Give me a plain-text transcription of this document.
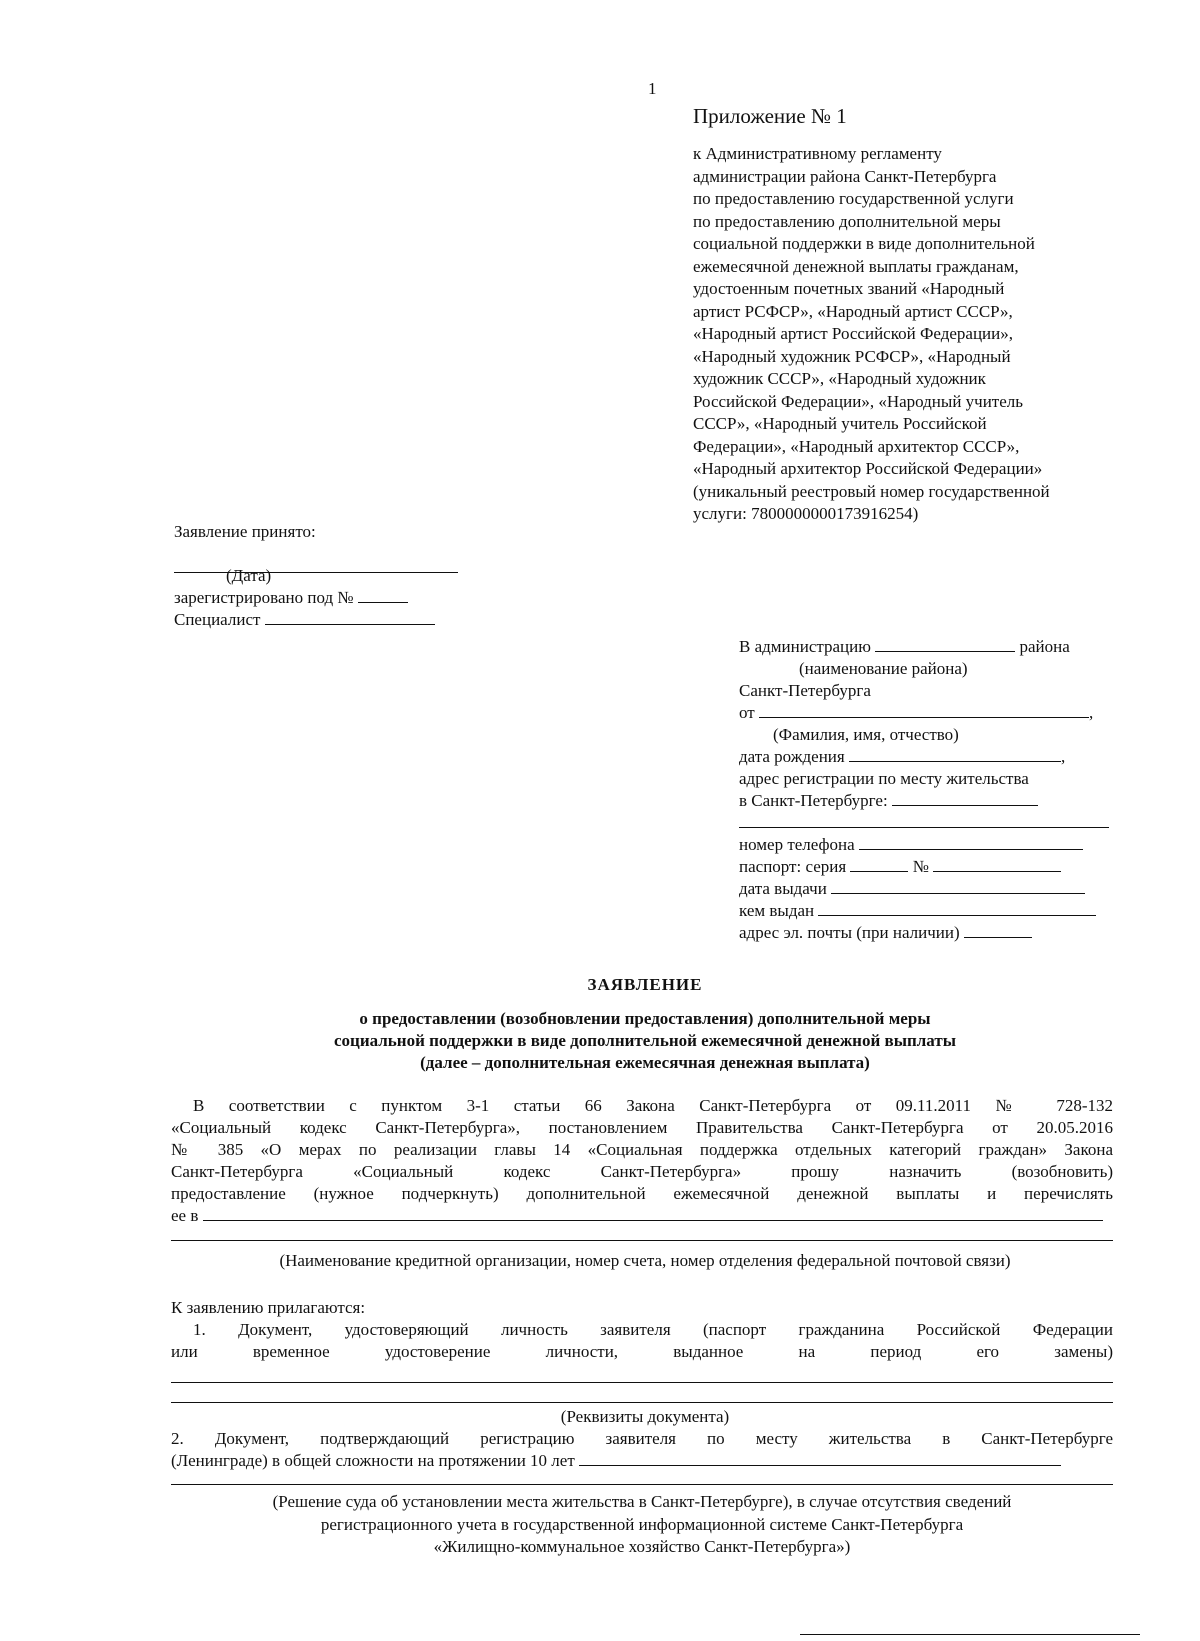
1
Приложение № 1
к Административному регламенту
администрации района Санкт-Петербурга
по предоставлению государственной услуги
по предоставлению дополнительной меры
социальной поддержки в виде дополнительной
ежемесячной денежной выплаты гражданам,
удостоенным почетных званий «Народный
артист РСФСР», «Народный артист СССР»,
«Народный артист Российской Федерации»,
«Народный художник РСФСР», «Народный
художник СССР», «Народный художник
Российской Федерации», «Народный учитель
СССР», «Народный учитель Российской
Федерации», «Народный архитектор СССР»,
«Народный архитектор Российской Федерации»
(уникальный реестровый номер государственной
услуги: 7800000000173916254)
Заявление принято:
(Дата)
зарегистрировано под №
Специалист
В администрацию	района
(наименование района)
Санкт-Петербурга
от	,
(Фамилия, имя, отчество)
дата рождения	,
адрес регистрации по месту жительства
в Санкт-Петербурге:
номер телефона
паспорт: серия	№
дата выдачи
кем выдан
адрес эл. почты (при наличии)
ЗАЯВЛЕНИЕ
о предоставлении (возобновлении предоставления) дополнительной меры
социальной поддержки в виде дополнительной ежемесячной денежной выплаты
(далее – дополнительная ежемесячная денежная выплата)
В соответствии с пунктом 3-1 статьи 66 Закона Санкт-Петербурга от 09.11.2011 № 728-132
«Социальный кодекс Санкт-Петербурга», постановлением Правительства Санкт-Петербурга от 20.05.2016
№ 385 «О мерах по реализации главы 14 «Социальная поддержка отдельных категорий граждан» Закона
Санкт-Петербурга «Социальный кодекс Санкт-Петербурга» прошу назначить (возобновить)
предоставление (нужное подчеркнуть) дополнительной ежемесячной денежной выплаты и перечислять
ее в
(Наименование кредитной организации, номер счета, номер отделения федеральной почтовой связи)
К заявлению прилагаются:
1. Документ, удостоверяющий личность заявителя (паспорт гражданина Российской Федерации
или временное удостоверение личности, выданное на период его замены)
(Реквизиты документа)
2. Документ, подтверждающий регистрацию заявителя по месту жительства в Санкт-Петербурге
(Ленинграде) в общей сложности на протяжении 10 лет
(Решение суда об установлении места жительства в Санкт-Петербурге), в случае отсутствия сведений
регистрационного учета в государственной информационной системе Санкт-Петербурга
«Жилищно-коммунальное хозяйство Санкт-Петербурга»)
